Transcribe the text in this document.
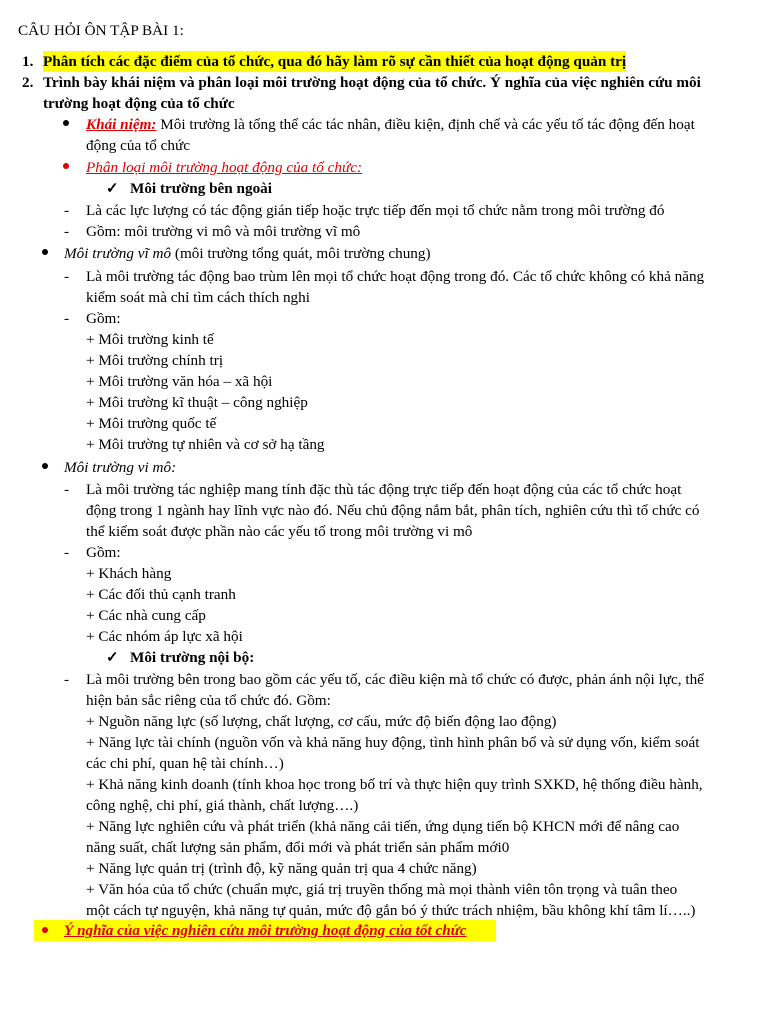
CÂU HỎI ÔN TẬP BÀI 1:
1. Phân tích các đặc điểm của tổ chức, qua đó hãy làm rõ sự cần thiết của hoạt động quản trị
2. Trình bày khái niệm và phân loại môi trường hoạt động của tổ chức. Ý nghĩa của việc nghiên cứu môi
trường hoạt động của tổ chức
Khái niệm: Môi trường là tổng thể các tác nhân, điều kiện, định chế và các yếu tố tác động đến hoạt
động của tổ chức
Phân loại môi trường hoạt động của tổ chức:
✓ Môi trường bên ngoài
- Là các lực lượng có tác động gián tiếp hoặc trực tiếp đến mọi tổ chức nằm trong môi trường đó
- Gồm: môi trường vi mô và môi trường vĩ mô
Môi trường vĩ mô (môi trường tổng quát, môi trường chung)
- Là môi trường tác động bao trùm lên mọi tổ chức hoạt động trong đó. Các tổ chức không có khả năng
kiểm soát mà chỉ tìm cách thích nghi
- Gồm:
+ Môi trường kinh tế
+ Môi trường chính trị
+ Môi trường văn hóa – xã hội
+ Môi trường kĩ thuật – công nghiệp
+ Môi trường quốc tế
+ Môi trường tự nhiên và cơ sở hạ tầng
Môi trường vi mô:
- Là môi trường tác nghiệp mang tính đặc thù tác động trực tiếp đến hoạt động của các tổ chức hoạt
động trong 1 ngành hay lĩnh vực nào đó. Nếu chủ động nắm bắt, phân tích, nghiên cứu thì tổ chức có
thể kiểm soát được phần nào các yếu tố trong môi trường vi mô
- Gồm:
+ Khách hàng
+ Các đối thủ cạnh tranh
+ Các nhà cung cấp
+ Các nhóm áp lực xã hội
✓ Môi trường nội bộ:
- Là môi trường bên trong bao gồm các yếu tố, các điều kiện mà tổ chức có được, phản ánh nội lực, thể
hiện bản sắc riêng của tổ chức đó. Gồm:
+ Nguồn năng lực (số lượng, chất lượng, cơ cấu, mức độ biến động lao động)
+ Năng lực tài chính (nguồn vốn và khả năng huy động, tình hình phân bổ và sử dụng vốn, kiểm soát
các chi phí, quan hệ tài chính…)
+ Khả năng kinh doanh (tính khoa học trong bố trí và thực hiện quy trình SXKD, hệ thống điều hành,
công nghệ, chi phí, giá thành, chất lượng….)
+ Năng lực nghiên cứu và phát triển (khả năng cải tiến, ứng dụng tiến bộ KHCN mới để nâng cao
năng suất, chất lượng sản phẩm, đổi mới và phát triển sản phẩm mới0
+ Năng lực quản trị (trình độ, kỹ năng quản trị qua 4 chức năng)
+ Văn hóa của tổ chức (chuẩn mực, giá trị truyền thống mà mọi thành viên tôn trọng và tuân theo
một cách tự nguyện, khả năng tự quản, mức độ gắn bó ý thức trách nhiệm, bầu không khí tâm lí…..)
Ý nghĩa của việc nghiên cứu môi trường hoạt động của tốt chức
